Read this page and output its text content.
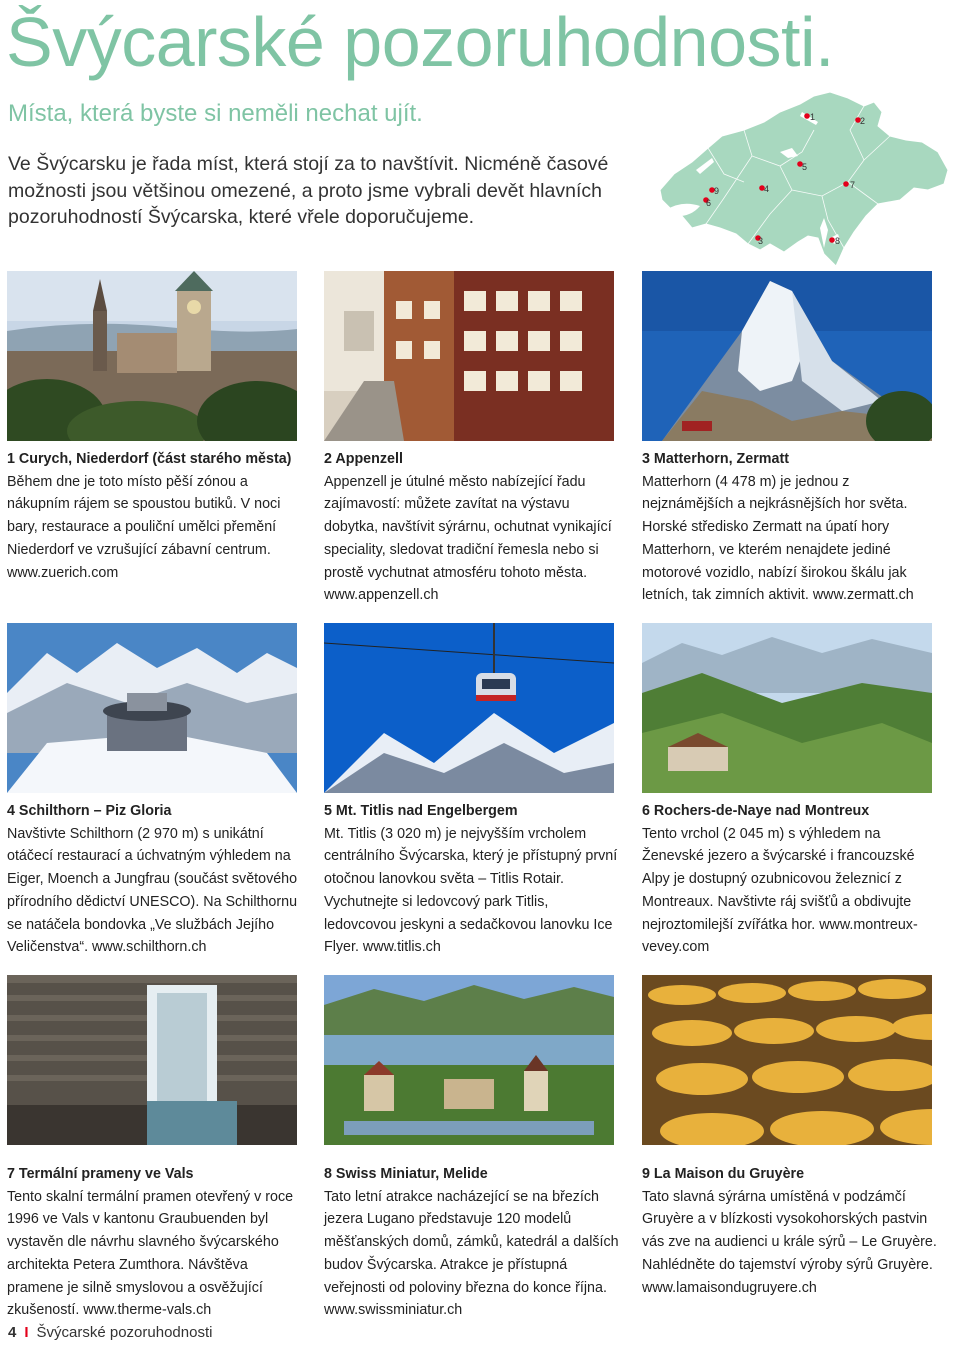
Švýcarské pozoruhodnosti.
Místa, která byste si neměli nechat ujít.

Ve Švýcarsku je řada míst, která stojí za to navštívit. Nicméně časové možnosti jsou většinou omezené, a proto jsme vybrali devět hlavních pozoruhodností Švýcarska, které vřele doporučujeme.

1	2
3
4
5
6
7
8
9
1 Curych, Niederdorf (část starého města)
Během dne je toto místo pěší zónou a nákupním rájem se spoustou butiků. V noci bary, restaurace a pouliční umělci přemění Niederdorf ve vzrušující zábavní centrum. www.zuerich.com
2 Appenzell
Appenzell je útulné město nabízející řadu zajímavostí: můžete zavítat na výstavu dobytka, navštívit sýrárnu, ochutnat vynikající speciality, sledovat tradiční řemesla nebo si prostě vychutnat atmosféru tohoto města. www.appenzell.ch
3 Matterhorn, Zermatt
Matterhorn (4 478 m) je jednou z nejznámějších a nejkrásnějších hor světa. Horské středisko Zermatt na úpatí hory Matterhorn, ve kterém nenajdete jediné motorové vozidlo, nabízí širokou škálu jak letních, tak zimních aktivit. www.zermatt.ch
4 Schilthorn – Piz Gloria
Navštivte Schilthorn (2 970 m) s unikátní otáčecí restaurací a úchvatným výhledem na Eiger, Moench a Jungfrau (součást světového přírodního dědictví UNESCO). Na Schilthornu se natáčela bondovka „Ve službách Jejího Veličenstva“. www.schilthorn.ch
5 Mt. Titlis nad Engelbergem
Mt. Titlis (3 020 m) je nejvyšším vrcholem centrálního Švýcarska, který je přístupný první otočnou lanovkou světa – Titlis Rotair. Vychutnejte si ledovcový park Titlis, ledovcovou jeskyni a sedačkovou lanovku Ice Flyer. www.titlis.ch
6 Rochers-de-Naye nad Montreux
Tento vrchol (2 045 m) s výhledem na Ženevské jezero a švýcarské i francouzské Alpy je dostupný ozubnicovou železnicí z Montreaux. Navštivte ráj svišťů a obdivujte nejroztomilejší zvířátka hor. www.montreux-vevey.com
7 Termální prameny ve Vals
Tento skalní termální pramen otevřený v roce 1996 ve Vals v kantonu Graubuenden byl vystavěn dle návrhu slavného švýcarského architekta Petera Zumthora. Návštěva pramene je silně smyslovou a osvěžující zkušeností. www.therme-vals.ch
8 Swiss Miniatur, Melide
Tato letní atrakce nacházející se na březích jezera Lugano představuje 120 modelů měšťanských domů, zámků, katedrál a dalších budov Švýcarska. Atrakce je přístupná veřejnosti od poloviny března do konce října. www.swissminiatur.ch
9 La Maison du Gruyère
Tato slavná sýrárna umístěná v podzámčí Gruyère a v blízkosti vysokohorských pastvin vás zve na audienci u krále sýrů – Le Gruyère. Nahlédněte do tajemství výroby sýrů Gruyère. www.lamaisondugruyere.ch
4 I Švýcarské pozoruhodnosti
